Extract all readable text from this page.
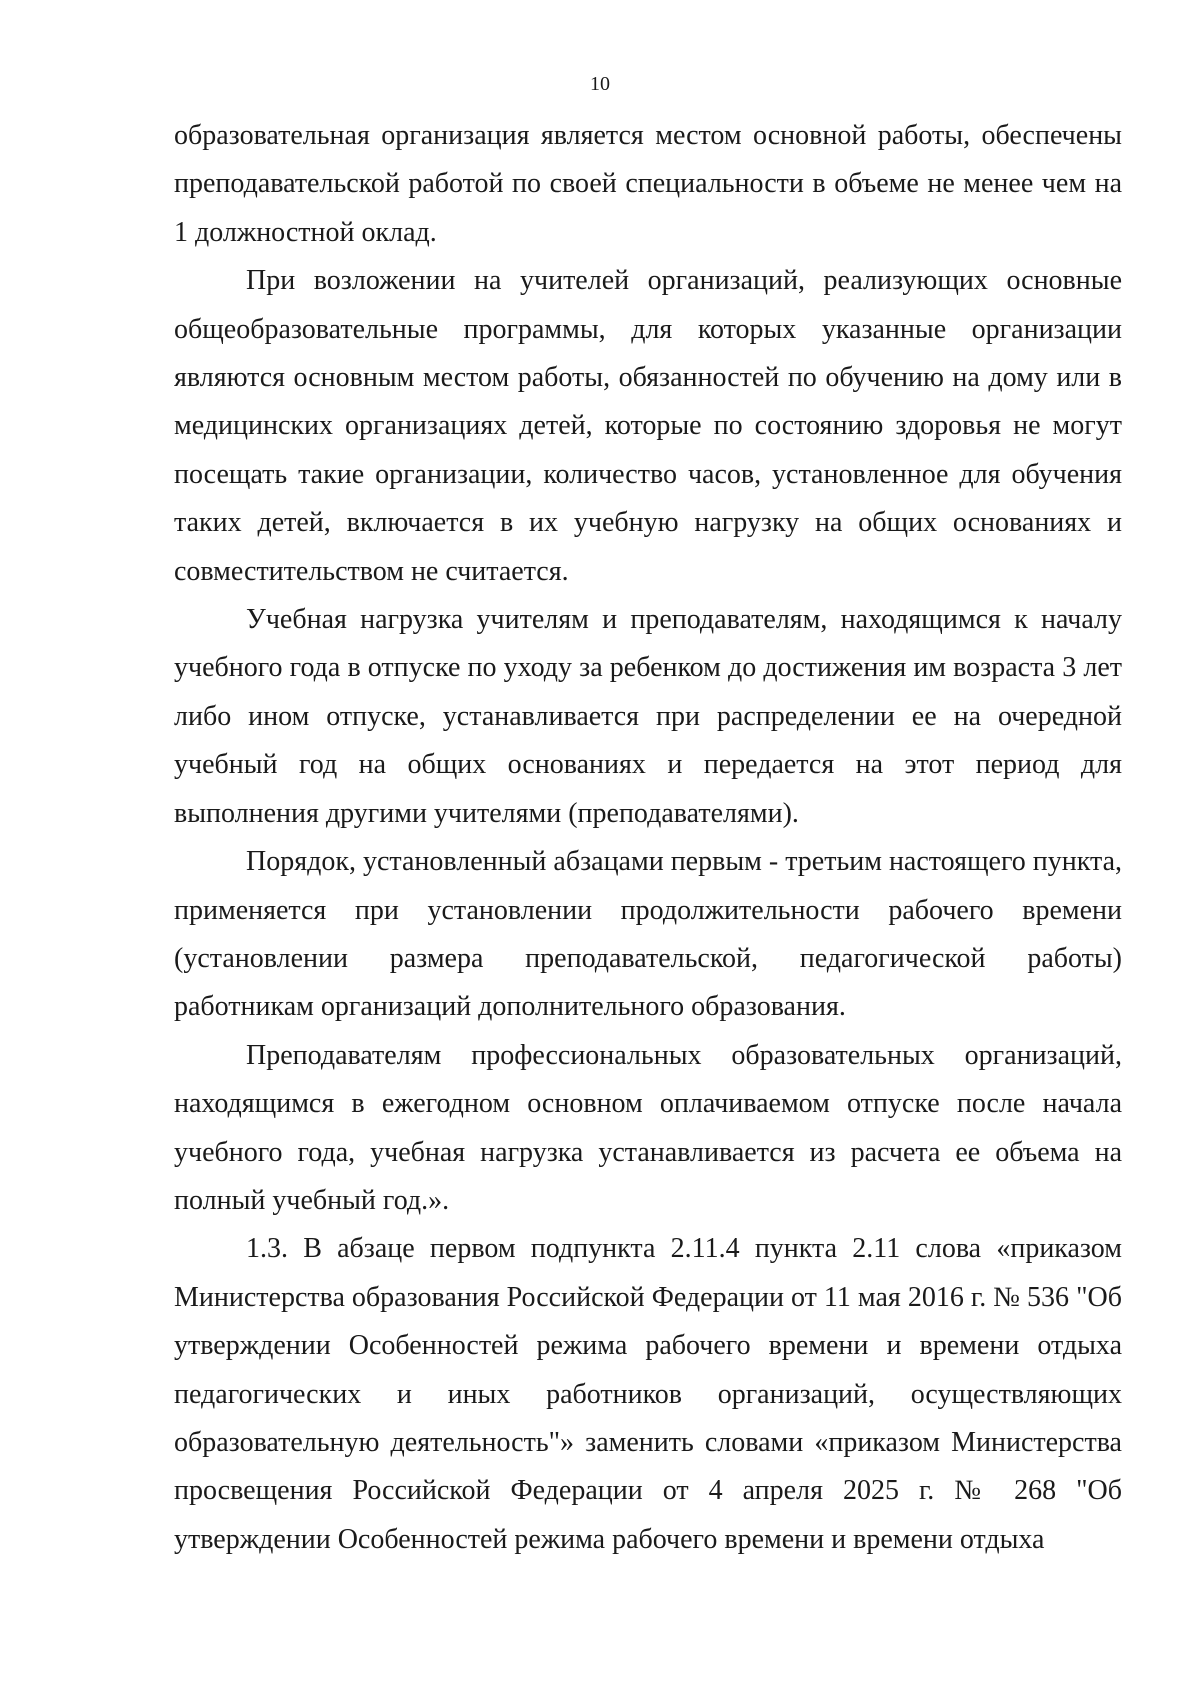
10

образовательная организация является местом основной работы, обеспечены преподавательской работой по своей специальности в объеме не менее чем на 1 должностной оклад.

При возложении на учителей организаций, реализующих основные общеобразовательные программы, для которых указанные организации являются основным местом работы, обязанностей по обучению на дому или в медицинских организациях детей, которые по состоянию здоровья не могут посещать такие организации, количество часов, установленное для обучения таких детей, включается в их учебную нагрузку на общих основаниях и совместительством не считается.

Учебная нагрузка учителям и преподавателям, находящимся к началу учебного года в отпуске по уходу за ребенком до достижения им возраста 3 лет либо ином отпуске, устанавливается при распределении ее на очередной учебный год на общих основаниях и передается на этот период для выполнения другими учителями (преподавателями).

Порядок, установленный абзацами первым - третьим настоящего пункта, применяется при установлении продолжительности рабочего времени (установлении размера преподавательской, педагогической работы) работникам организаций дополнительного образования.

Преподавателям профессиональных образовательных организаций, находящимся в ежегодном основном оплачиваемом отпуске после начала учебного года, учебная нагрузка устанавливается из расчета ее объема на полный учебный год.».

1.3. В абзаце первом подпункта 2.11.4 пункта 2.11 слова «приказом Министерства образования Российской Федерации от 11 мая 2016 г. № 536 "Об утверждении Особенностей режима рабочего времени и времени отдыха педагогических и иных работников организаций, осуществляющих образовательную деятельность"» заменить словами «приказом Министерства просвещения Российской Федерации от 4 апреля 2025 г. № 268 "Об утверждении Особенностей режима рабочего времени и времени отдыха
